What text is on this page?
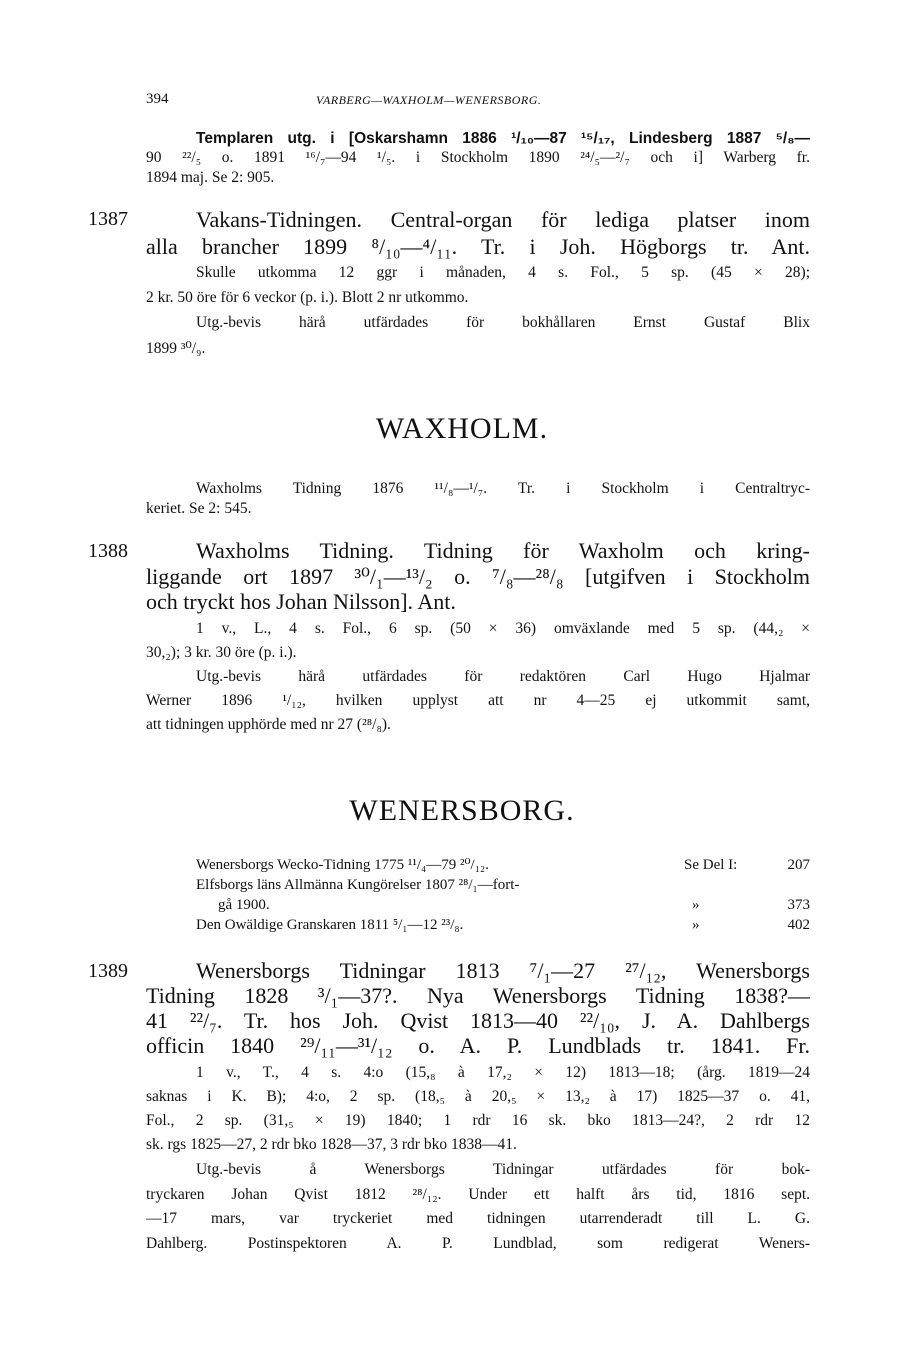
394	VARBERG—WAXHOLM—WENERSBORG.
Templaren utg. i [Oskarshamn 1886 ¹/₁₀—87 ¹⁵/₁₇, Lindesberg 1887 ⁵/₈—
90 ²²/₅ o. 1891 ¹⁶/₇—94 ¹/₅. i Stockholm 1890 ²⁴/₅—²/₇ och i] Warberg fr.
1894 maj. Se 2: 905.
1387	Vakans-Tidningen. Central-organ för lediga platser inom
alla brancher 1899 ⁸/₁₀—⁴/₁₁. Tr. i Joh. Högborgs tr. Ant.
Skulle utkomma 12 ggr i månaden, 4 s. Fol., 5 sp. (45 × 28);
2 kr. 50 öre för 6 veckor (p. i.). Blott 2 nr utkommo.
Utg.-bevis härå utfärdades för bokhållaren Ernst Gustaf Blix
1899 ³⁰/₉.
WAXHOLM.
Waxholms Tidning 1876 ¹¹/₈—¹/₇. Tr. i Stockholm i Centraltryc-
keriet. Se 2: 545.
1388	Waxholms Tidning. Tidning för Waxholm och kring-
liggande ort 1897 ³⁰/₁—¹³/₂ o. ⁷/₈—²⁸/₈ [utgifven i Stockholm
och tryckt hos Johan Nilsson]. Ant.
1 v., L., 4 s. Fol., 6 sp. (50 × 36) omväxlande med 5 sp. (44,₂ ×
30,₂); 3 kr. 30 öre (p. i.).
Utg.-bevis härå utfärdades för redaktören Carl Hugo Hjalmar
Werner 1896 ¹/₁₂, hvilken upplyst att nr 4—25 ej utkommit samt,
att tidningen upphörde med nr 27 (²⁸/₈).
WENERSBORG.
Wenersborgs Wecko-Tidning 1775 ¹¹/₄—79 ²⁰/₁₂.	Se Del I:	207
Elfsborgs läns Allmänna Kungörelser 1807 ²⁸/₁—fort-
gå 1900.	»	373
Den Owäldige Granskaren 1811 ⁵/₁—12 ²³/₈.	»	402
1389	Wenersborgs Tidningar 1813 ⁷/₁—27 ²⁷/₁₂, Wenersborgs
Tidning 1828 ³/₁—37?. Nya Wenersborgs Tidning 1838?—
41 ²²/₇. Tr. hos Joh. Qvist 1813—40 ²²/₁₀, J. A. Dahlbergs
officin 1840 ²⁹/₁₁—³¹/₁₂ o. A. P. Lundblads tr. 1841. Fr.
1 v., T., 4 s. 4:o (15,₈ à 17,₂ × 12) 1813—18; (årg. 1819—24
saknas i K. B); 4:o, 2 sp. (18,₅ à 20,₅ × 13,₂ à 17) 1825—37 o. 41,
Fol., 2 sp. (31,₅ × 19) 1840; 1 rdr 16 sk. bko 1813—24?, 2 rdr 12
sk. rgs 1825—27, 2 rdr bko 1828—37, 3 rdr bko 1838—41.
Utg.-bevis å Wenersborgs Tidningar utfärdades för bok-
tryckaren Johan Qvist 1812 ²⁸/₁₂. Under ett halft års tid, 1816 sept.
—17 mars, var tryckeriet med tidningen utarrenderadt till L. G.
Dahlberg. Postinspektoren A. P. Lundblad, som redigerat Weners-
